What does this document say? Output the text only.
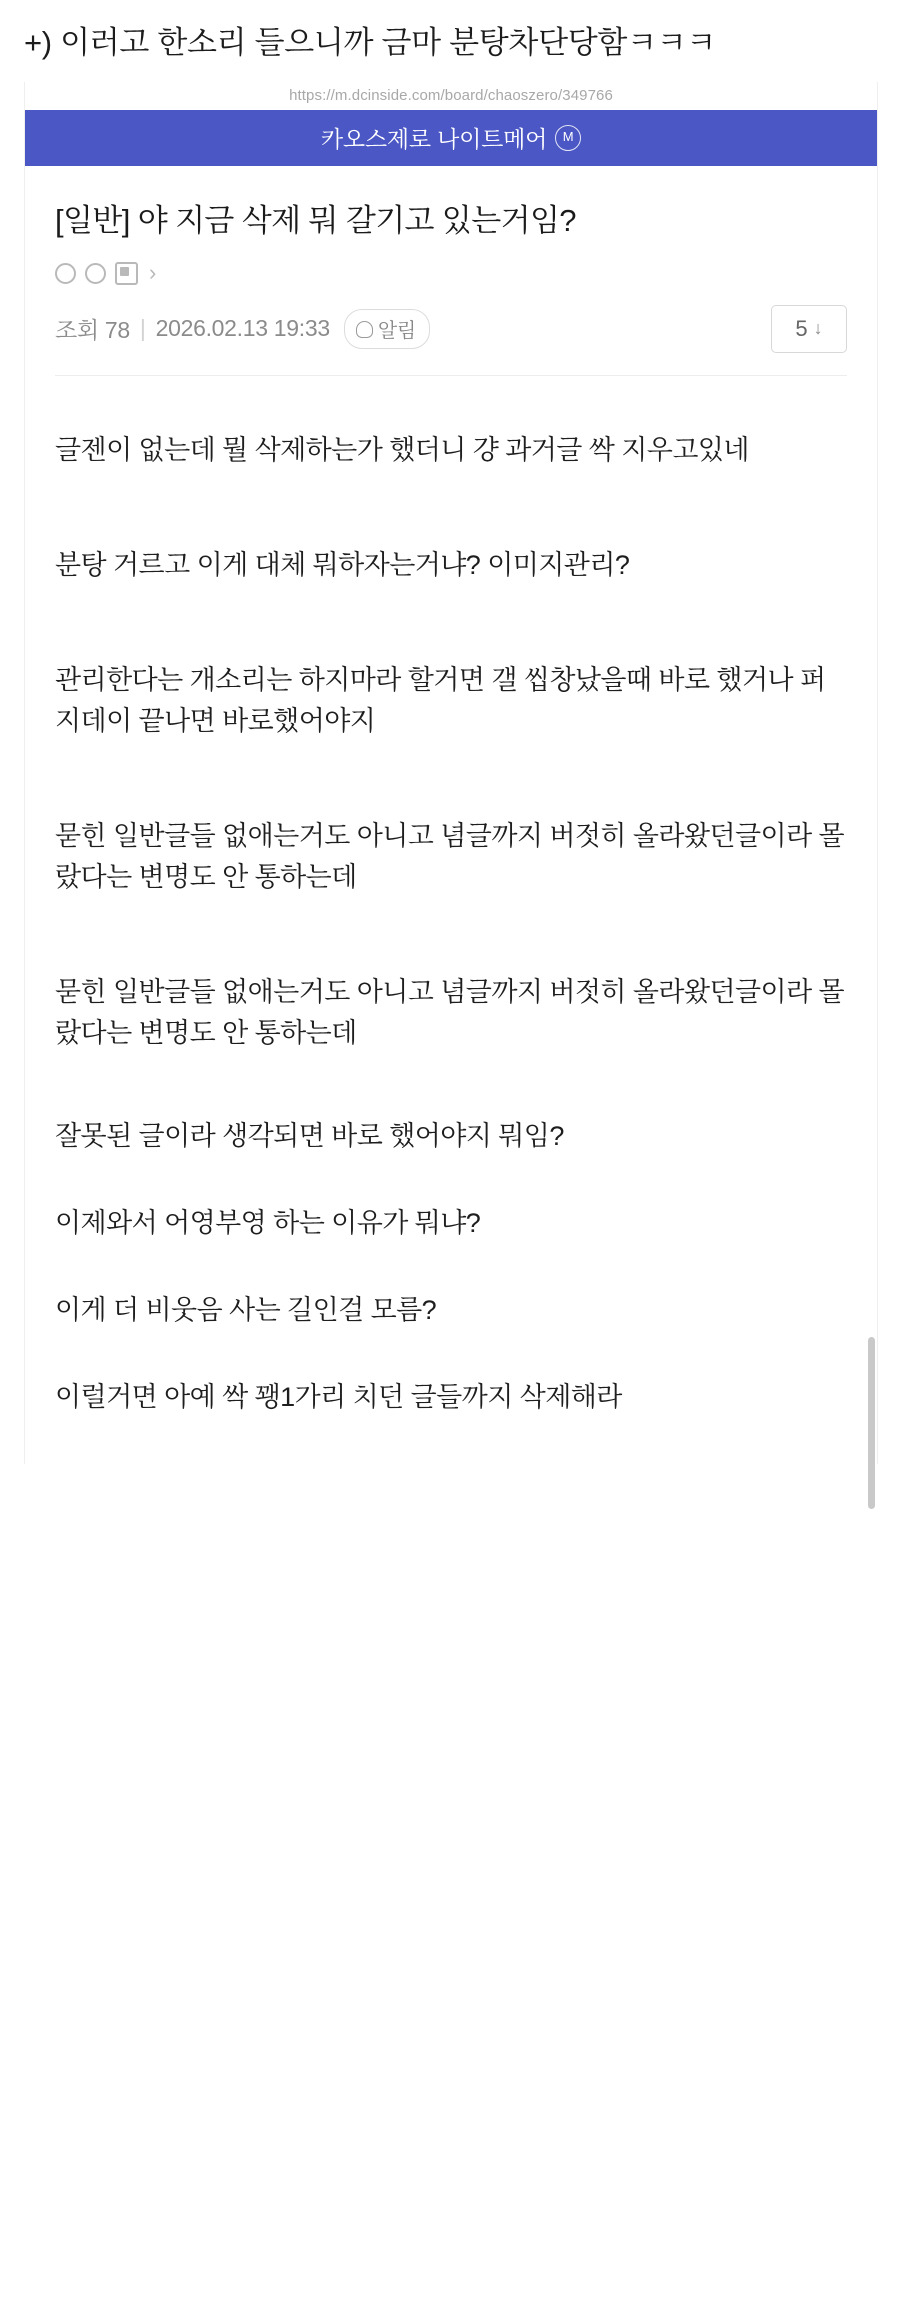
+) 이러고 한소리 들으니까 금마 분탕차단당함ㅋㅋㅋ
https://m.dcinside.com/board/chaoszero/349766
카오스제로 나이트메어	M
[일반] 야 지금 삭제 뭐 갈기고 있는거임?
›
조회 78 | 2026.02.13 19:33 알림	5 ↓

글젠이 없는데 뭘 삭제하는가 했더니 걍 과거글 싹 지우고있네

분탕 거르고 이게 대체 뭐하자는거냐? 이미지관리?

관리한다는 개소리는 하지마라 할거면 갤 씹창났을때 바로 했거나 퍼지데이 끝나면 바로했어야지

묻힌 일반글들 없애는거도 아니고 념글까지 버젓히 올라왔던글이라 몰랐다는 변명도 안 통하는데

묻힌 일반글들 없애는거도 아니고 념글까지 버젓히 올라왔던글이라 몰랐다는 변명도 안 통하는데

잘못된 글이라 생각되면 바로 했어야지 뭐임?

이제와서 어영부영 하는 이유가 뭐냐?

이게 더 비웃음 사는 길인걸 모름?

이럴거면 아예 싹 꽹1가리 치던 글들까지 삭제해라
